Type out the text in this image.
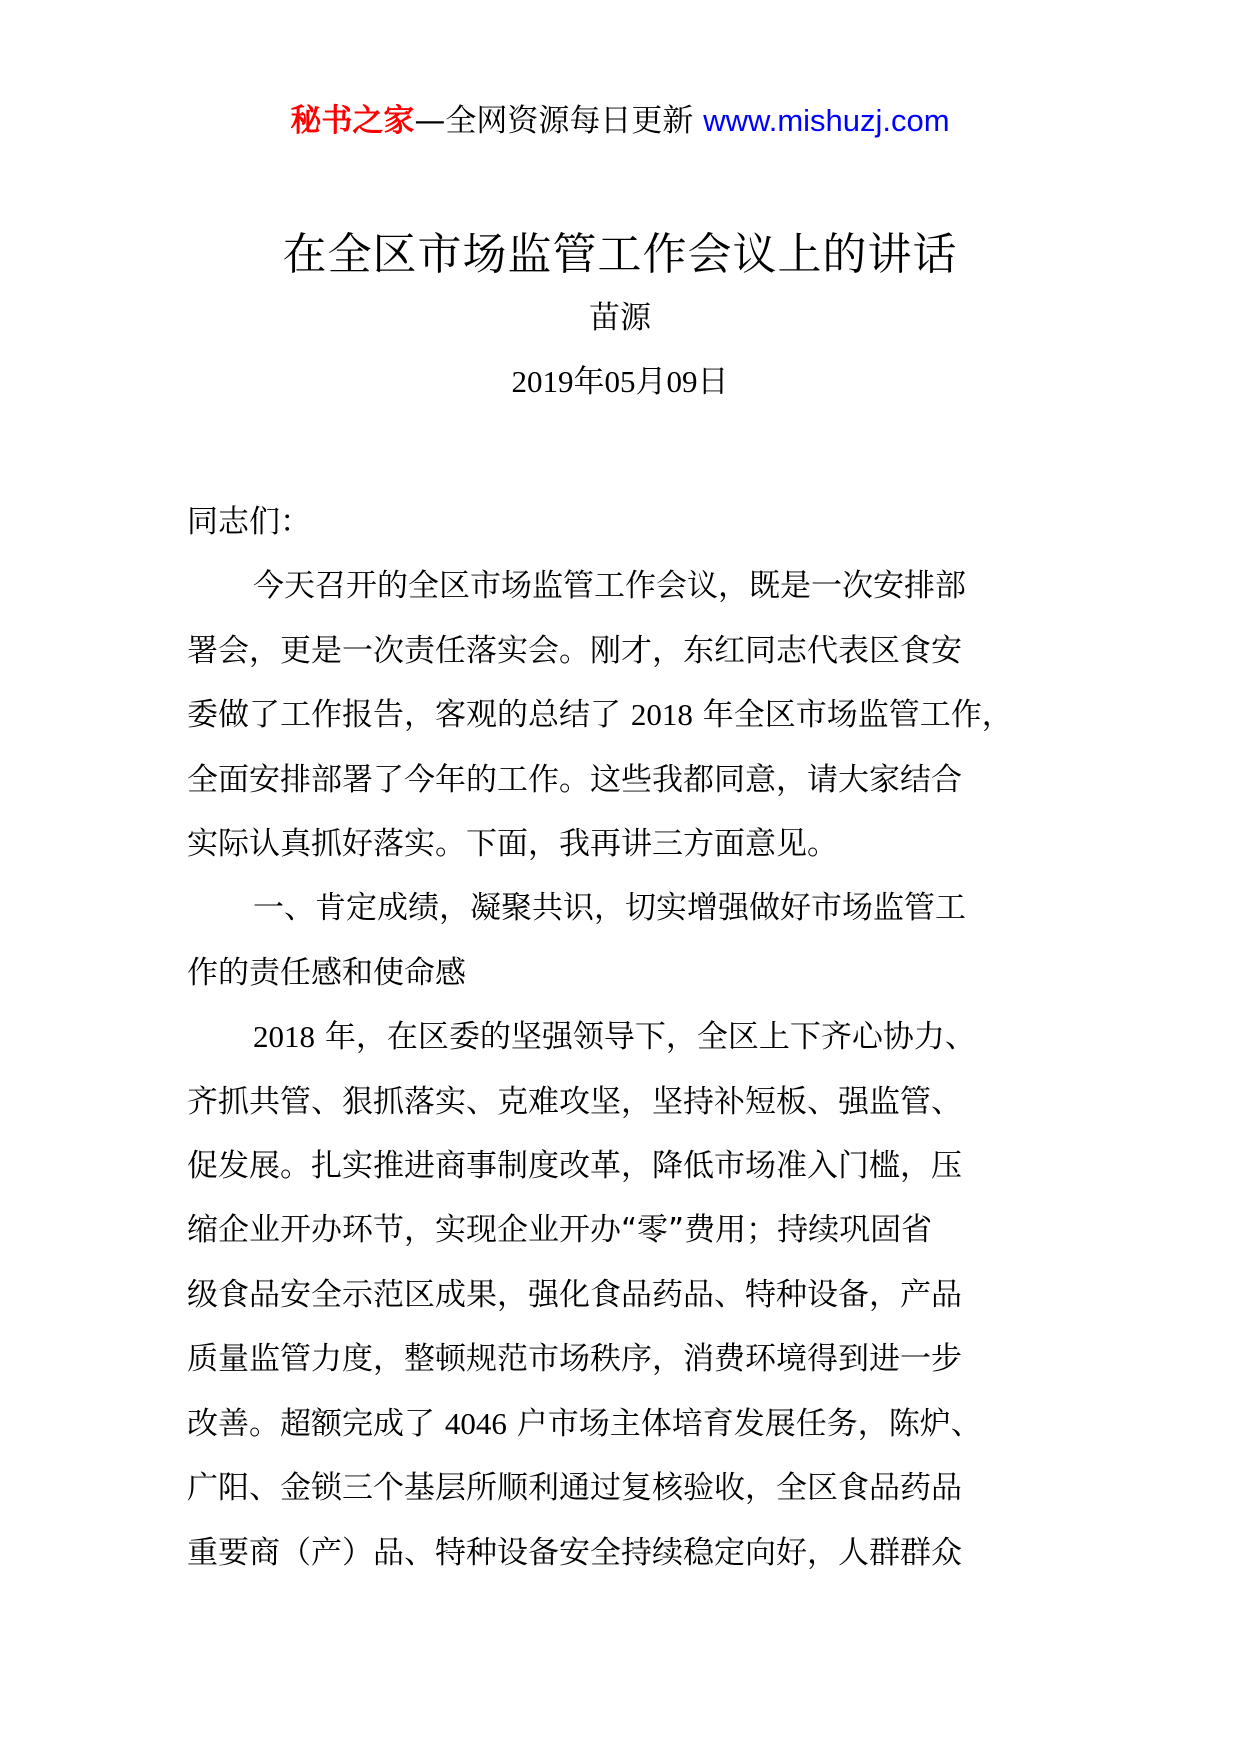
秘书之家—全网资源每日更新 www.mishuzj.com
在全区市场监管工作会议上的讲话
苗源
2019年05月09日
同志们：
今天召开的全区市场监管工作会议，既是一次安排部
署会，更是一次责任落实会。刚才，东红同志代表区食安
委做了工作报告，客观的总结了 2018 年全区市场监管工作，
全面安排部署了今年的工作。这些我都同意，请大家结合
实际认真抓好落实。下面，我再讲三方面意见。
一、肯定成绩，凝聚共识，切实增强做好市场监管工
作的责任感和使命感
2018 年，在区委的坚强领导下，全区上下齐心协力、
齐抓共管、狠抓落实、克难攻坚，坚持补短板、强监管、
促发展。扎实推进商事制度改革，降低市场准入门槛，压
缩企业开办环节，实现企业开办“零”费用；持续巩固省
级食品安全示范区成果，强化食品药品、特种设备，产品
质量监管力度，整顿规范市场秩序，消费环境得到进一步
改善。超额完成了 4046 户市场主体培育发展任务，陈炉、
广阳、金锁三个基层所顺利通过复核验收，全区食品药品
重要商（产）品、特种设备安全持续稳定向好，人群群众
